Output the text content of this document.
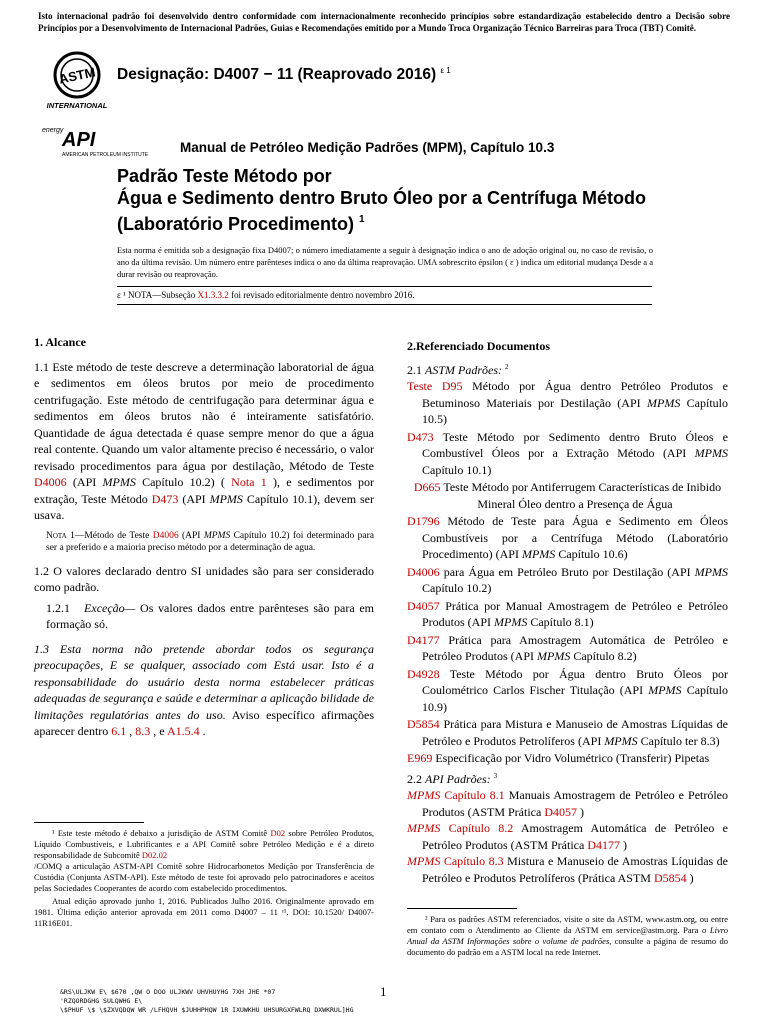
Isto internacional padrão foi desenvolvido dentro conformidade com internacionalmente reconhecido princípios sobre estandardização estabelecido dentro a Decisão sobre Princípios por a Desenvolvimento de Internacional Padrões, Guias e Recomendações emitido por a Mundo Troca Organização Técnico Barreiras para Troca (TBT) Comitê.
ASTM
INTERNATIONAL
Designação: D4007 − 11 (Reaprovado 2016) $^{\varepsilon 1}$
energy
API
AMERICAN PETROLEUM INSTITUTE Manual de Petróleo Medição Padrões (MPM), Capítulo 10.3
Padrão Teste Método por
Água e Sedimento dentro Bruto Óleo por a Centrífuga Método
(Laboratório Procedimento) $^1$
Esta norma é emitida sob a designação fixa D4007; o número imediatamente a seguir à designação indica o ano de adoção original ou, no caso de revisão, o ano da última revisão. Um número entre parênteses indica o ano da última reaprovação. UMA sobrescrito épsilon ( ε ) indica um editorial mudança Desde a a durar revisão ou reaprovação.
ε ¹ NOTA—Subseção X1.3.3.2 foi revisado editorialmente dentro novembro 2016.
1. Alcance
1.1 Este método de teste descreve a determinação laboratorial de água e sedimentos em óleos brutos por meio de procedimento centrifugação. Este método de centrifugação para determinar água e sedimentos em óleos brutos não é inteiramente satisfatório. Quantidade de água detectada é quase sempre menor do que a água real contente. Quando um valor altamente preciso é necessário, o valor revisado procedimentos para água por destilação, Método de Teste D4006 (API MPMS Capítulo 10.2) ( Nota 1 ), e sedimentos por extração, Teste Método D473 (API MPMS Capítulo 10.1), devem ser usava.
NOTA 1—Método de Teste D4006 (API MPMS Capítulo 10.2) foi determinado para ser a preferido e a maioria preciso método por a determinação de agua.
1.2 O valores declarado dentro SI unidades são para ser considerado como padrão.
1.2.1 Exceção— Os valores dados entre parênteses são para em formação só.
1.3 Esta norma não pretende abordar todos os segurança preocupações, E se qualquer, associado com Está usar. Isto é a responsabilidade do usuário desta norma estabelecer práticas adequadas de segurança e saúde e determinar a aplicação bilidade de limitações regulatórias antes do uso. Aviso específico afirmações aparecer dentro 6.1 , 8.3 , e A1.5.4 .
¹ Este teste método é debaixo a jurisdição de ASTM Comitê D02 sobre Petróleo Produtos, Líquido Combustíveis, e Lubrificantes e a API Comitê sobre Petróleo Medição e é a direto responsabilidade de Subcomitê D02.02
/COMQ a articulação ASTM-API Comitê sobre Hidrocarbonetos Medição por Transferência de Custódia (Conjunta ASTM-API). Este método de teste foi aprovado pelo patrocinadores e aceitos pelas Sociedades Cooperantes de acordo com estabelecido procedimentos.
Atual edição aprovado junho 1, 2016. Publicados Julho 2016. Originalmente aprovado em 1981. Última edição anterior aprovada em 2011 como D4007 – 11 ᵋ¹. DOI: 10.1520/ D4007-11R16E01.
2.Referenciado Documentos
2.1 ASTM Padrões: $^2$
Teste D95 Método por Água dentro Petróleo Produtos e Betuminoso Materiais por Destilação (API MPMS Capítulo 10.5)
D473 Teste Método por Sedimento dentro Bruto Óleos e Combustível Óleos por a Extração Método (API MPMS Capítulo 10.1)
D665 Teste Método por Antiferrugem Características de Inibido Mineral Óleo dentro a Presença de Água
D1796 Método de Teste para Água e Sedimento em Óleos Combustíveis por a Centrífuga Método (Laboratório Procedimento) (API MPMS Capítulo 10.6)
D4006 para Água em Petróleo Bruto por Destilação (API MPMS Capítulo 10.2)
D4057 Prática por Manual Amostragem de Petróleo e Petróleo Produtos (API MPMS Capítulo 8.1)
D4177 Prática para Amostragem Automática de Petróleo e Petróleo Produtos (API MPMS Capítulo 8.2)
D4928 Teste Método por Água dentro Bruto Óleos por Coulométrico Carlos Fischer Titulação (API MPMS Capítulo 10.9)
D5854 Prática para Mistura e Manuseio de Amostras Líquidas de Petróleo e Produtos Petrolíferos (API MPMS Capítulo ter 8.3)
E969 Especificação por Vidro Volumétrico (Transferir) Pipetas
2.2 API Padrões: $^3$
MPMS Capítulo 8.1 Manuais Amostragem de Petróleo e Petróleo Produtos (ASTM Prática D4057 )
MPMS Capítulo 8.2 Amostragem Automática de Petróleo e Petróleo Produtos (ASTM Prática D4177 )
MPMS Capítulo 8.3 Mistura e Manuseio de Amostras Líquidas de Petróleo e Produtos Petrolíferos (Prática ASTM D5854 )
² Para os padrões ASTM referenciados, visite o site da ASTM, www.astm.org, ou entre em contato com o Atendimento ao Cliente da ASTM em service@astm.org. Para o Livro Anual da ASTM Informações sobre o volume de padrões, consulte a página de resumo do documento do padrão em a ASTM local na rede Internet.
1
&RS\ULJKW E\ $670 ,QW O DOO ULJKWV UHVHUYHG 7XH JHE *07
'RZQORDGHG SULQWHG E\
\$PHUF \$ \$ZXVQDQW WR /LFHQVH $JUHHPHQW 1R IXUWKHU UHSURGXFWLRQ DXWKRUL]HG
